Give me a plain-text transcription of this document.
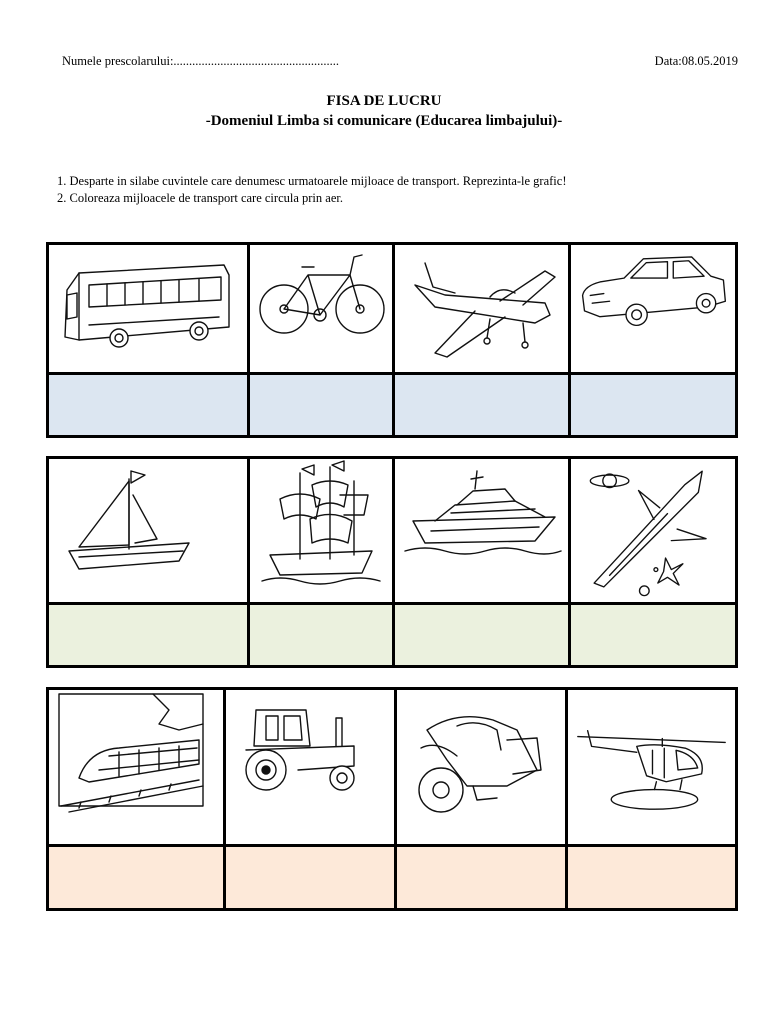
Numele prescolarului:.....................................................	Data:08.05.2019
FISA DE LUCRU
-Domeniul Limba si comunicare (Educarea limbajului)-
1. Desparte in silabe cuvintele care denumesc urmatoarele mijloace de transport. Reprezinta-le grafic!
2. Coloreaza mijloacele de transport care circula prin aer.
